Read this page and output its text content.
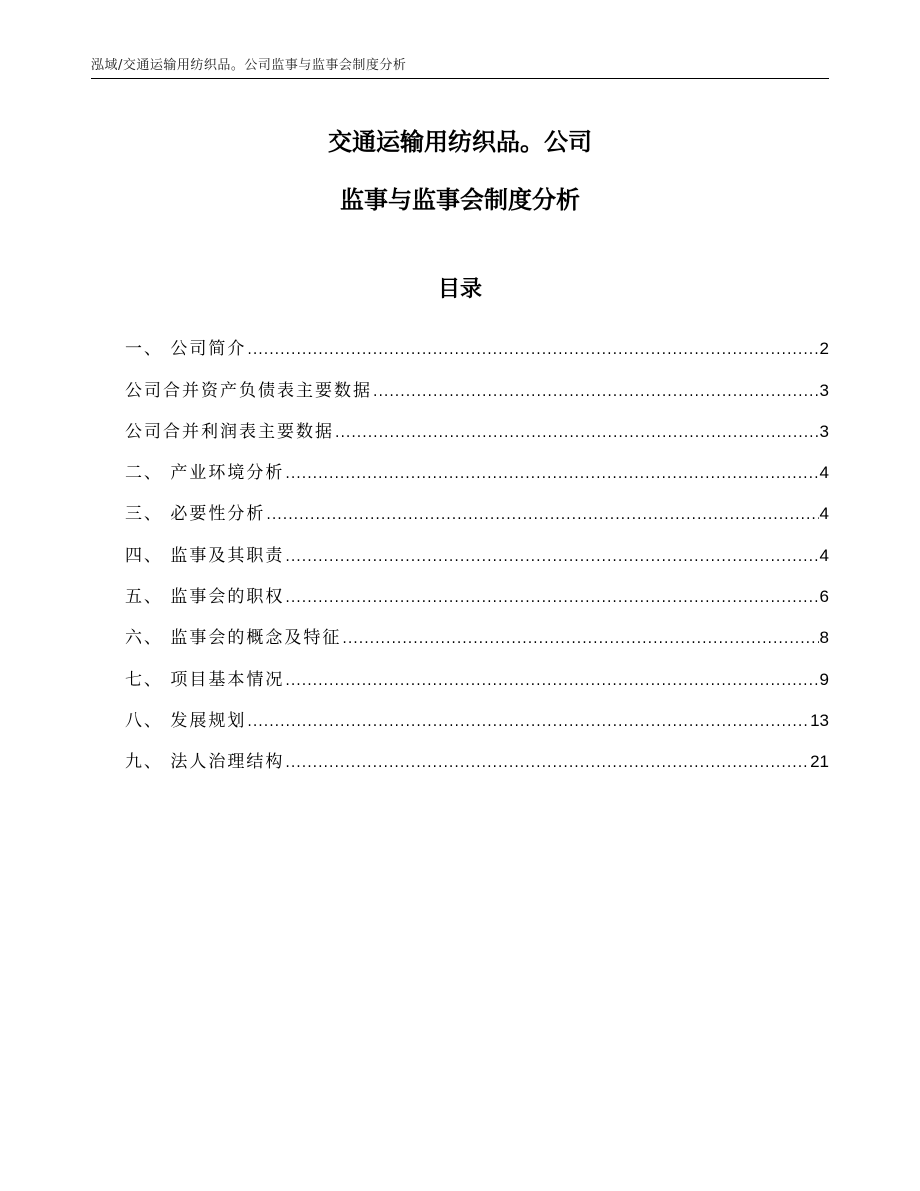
泓域/交通运输用纺织品。公司监事与监事会制度分析
交通运输用纺织品。公司
监事与监事会制度分析
目录
一、 公司简介 .....	2
公司合并资产负债表主要数据 .....	3
公司合并利润表主要数据 .....	3
二、 产业环境分析 .....	4
三、 必要性分析 .....	4
四、 监事及其职责 .....	4
五、 监事会的职权 .....	6
六、 监事会的概念及特征 .....	8
七、 项目基本情况 .....	9
八、 发展规划 .....	13
九、 法人治理结构 .....	21
